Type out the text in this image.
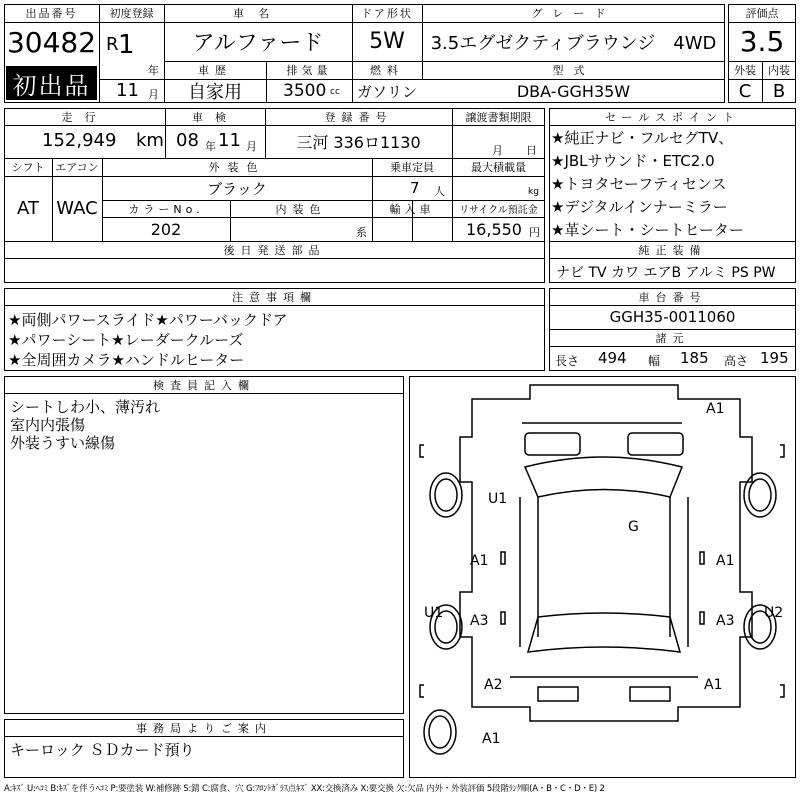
出品番号
30482
初出品
初度登録
R 1
年
11 月
車名
アルファード
ドア形状
5W
グレード
3.5エグゼクティブラウンジ　4WD
車歴
自家用
排気量
3500 cc
燃料
ガソリン
型式
DBA-GGH35W
評価点
3.5
外装	内装
C	B
走行
152,949 km
車検
08 年 11 月
登録番号
三河 336ロ1130
譲渡書類期限
月 日
シフト
AT
エアコン
WAC
外装色
ブラック
乗車定員
7 人
最大積載量
kg
カラーNo.
202
内装色
系
輸入車	リサイクル預託金
16,550 円
後日発送部品
セールスポイント
★純正ナビ・フルセグTV、
★JBLサウンド・ETC2.0
★トヨタセーフティセンス
★デジタルインナーミラー
★革シート・シートヒーター
純正装備
ナビ TV カワ エアB アルミ PS PW
注意事項欄
★両側パワースライド★パワーバックドア
★パワーシート★レーダークルーズ
★全周囲カメラ★ハンドルヒーター
車台番号
GGH35-0011060
諸元
長さ 494 幅 185 高さ 195
検査員記入欄
シートしわ小、薄汚れ
室内内張傷
外装うすい線傷
事務局よりご案内
キーロック ＳＤカード預り
A1
U1
G
A1	A1
U1 A3	A3 U2
A2	A1
A1
A:ｷｽﾞ U:ﾍｺﾐ B:ｷｽﾞを伴うﾍｺﾐ P:要塗装 W:補修跡 S:錆 C:腐食、穴 G:ﾌﾛﾝﾄｶﾞﾗｽ点ｷｽﾞ XX:交換済み X:要交換 欠:欠品 内外・外装評価 5段階ﾗﾝｸ順(A・B・C・D・E) 2
